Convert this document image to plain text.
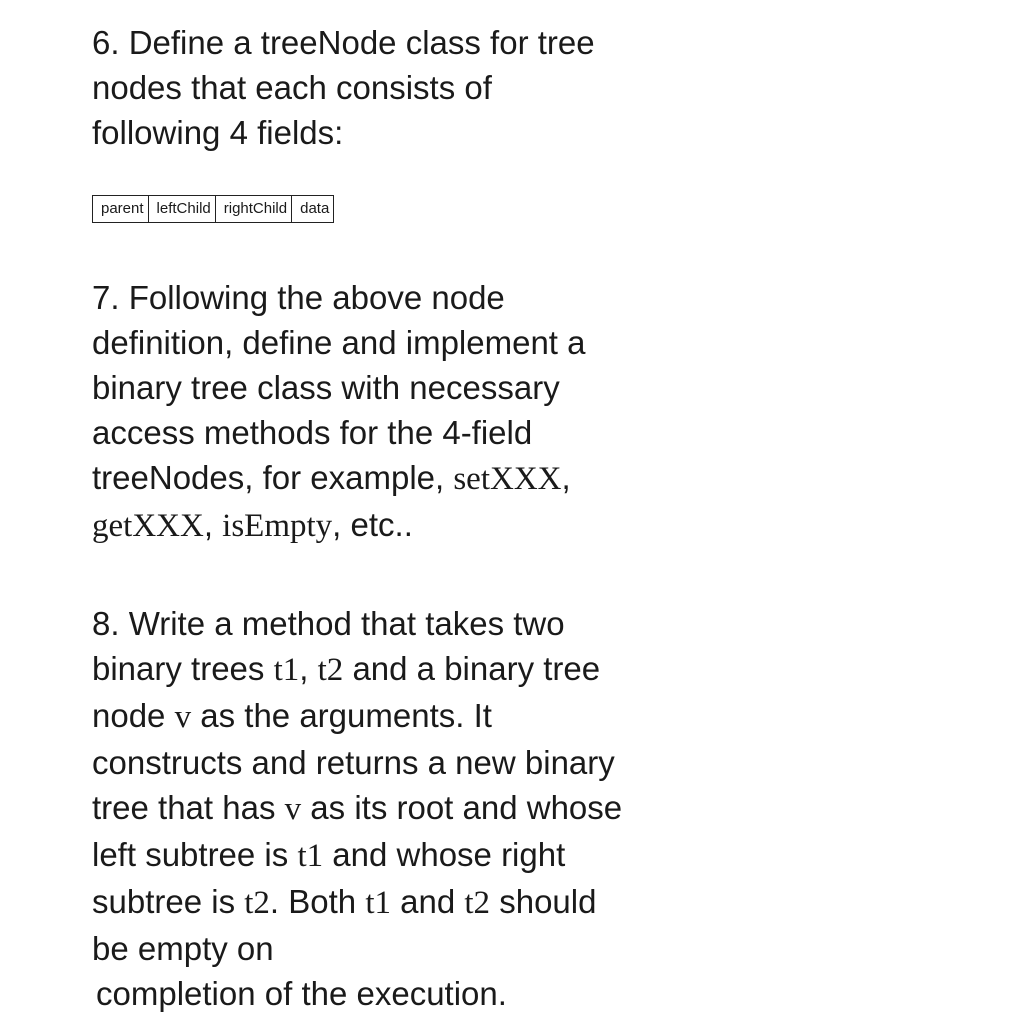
6. Define a treeNode class for tree
nodes that each consists of
following 4 fields:
parent leftChild rightChild data
7. Following the above node
definition, define and implement a
binary tree class with necessary
access methods for the 4-field
treeNodes, for example, setXXX,
getXXX, isEmpty, etc..
8. Write a method that takes two
binary trees t1, t2 and a binary tree
node v as the arguments. It
constructs and returns a new binary
tree that has v as its root and whose
left subtree is t1 and whose right
subtree is t2. Both t1 and t2 should
be empty on
completion of the execution.
